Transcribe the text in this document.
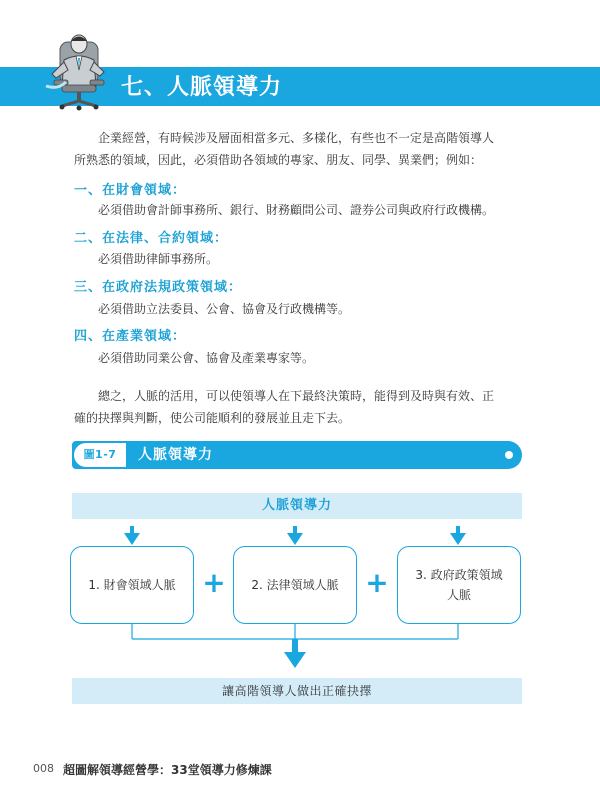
七、人脈領導力
企業經營，有時候涉及層面相當多元、多樣化，有些也不一定是高階領導人
所熟悉的領域，因此，必須借助各領域的專家、朋友、同學、異業們；例如：
一、在財會領域：
必須借助會計師事務所、銀行、財務顧問公司、證券公司與政府行政機構。
二、在法律、合約領域：
必須借助律師事務所。
三、在政府法規政策領域：
必須借助立法委員、公會、協會及行政機構等。
四、在產業領域：
必須借助同業公會、協會及產業專家等。
總之，人脈的活用，可以使領導人在下最終決策時，能得到及時與有效、正
確的抉擇與判斷，使公司能順利的發展並且走下去。
圖1-7	人脈領導力
人脈領導力
1. 財會領域人脈 + 2. 法律領域人脈 + 3. 政府政策領域
人脈
讓高階領導人做出正確抉擇
008 超圖解領導經營學：33堂領導力修煉課
